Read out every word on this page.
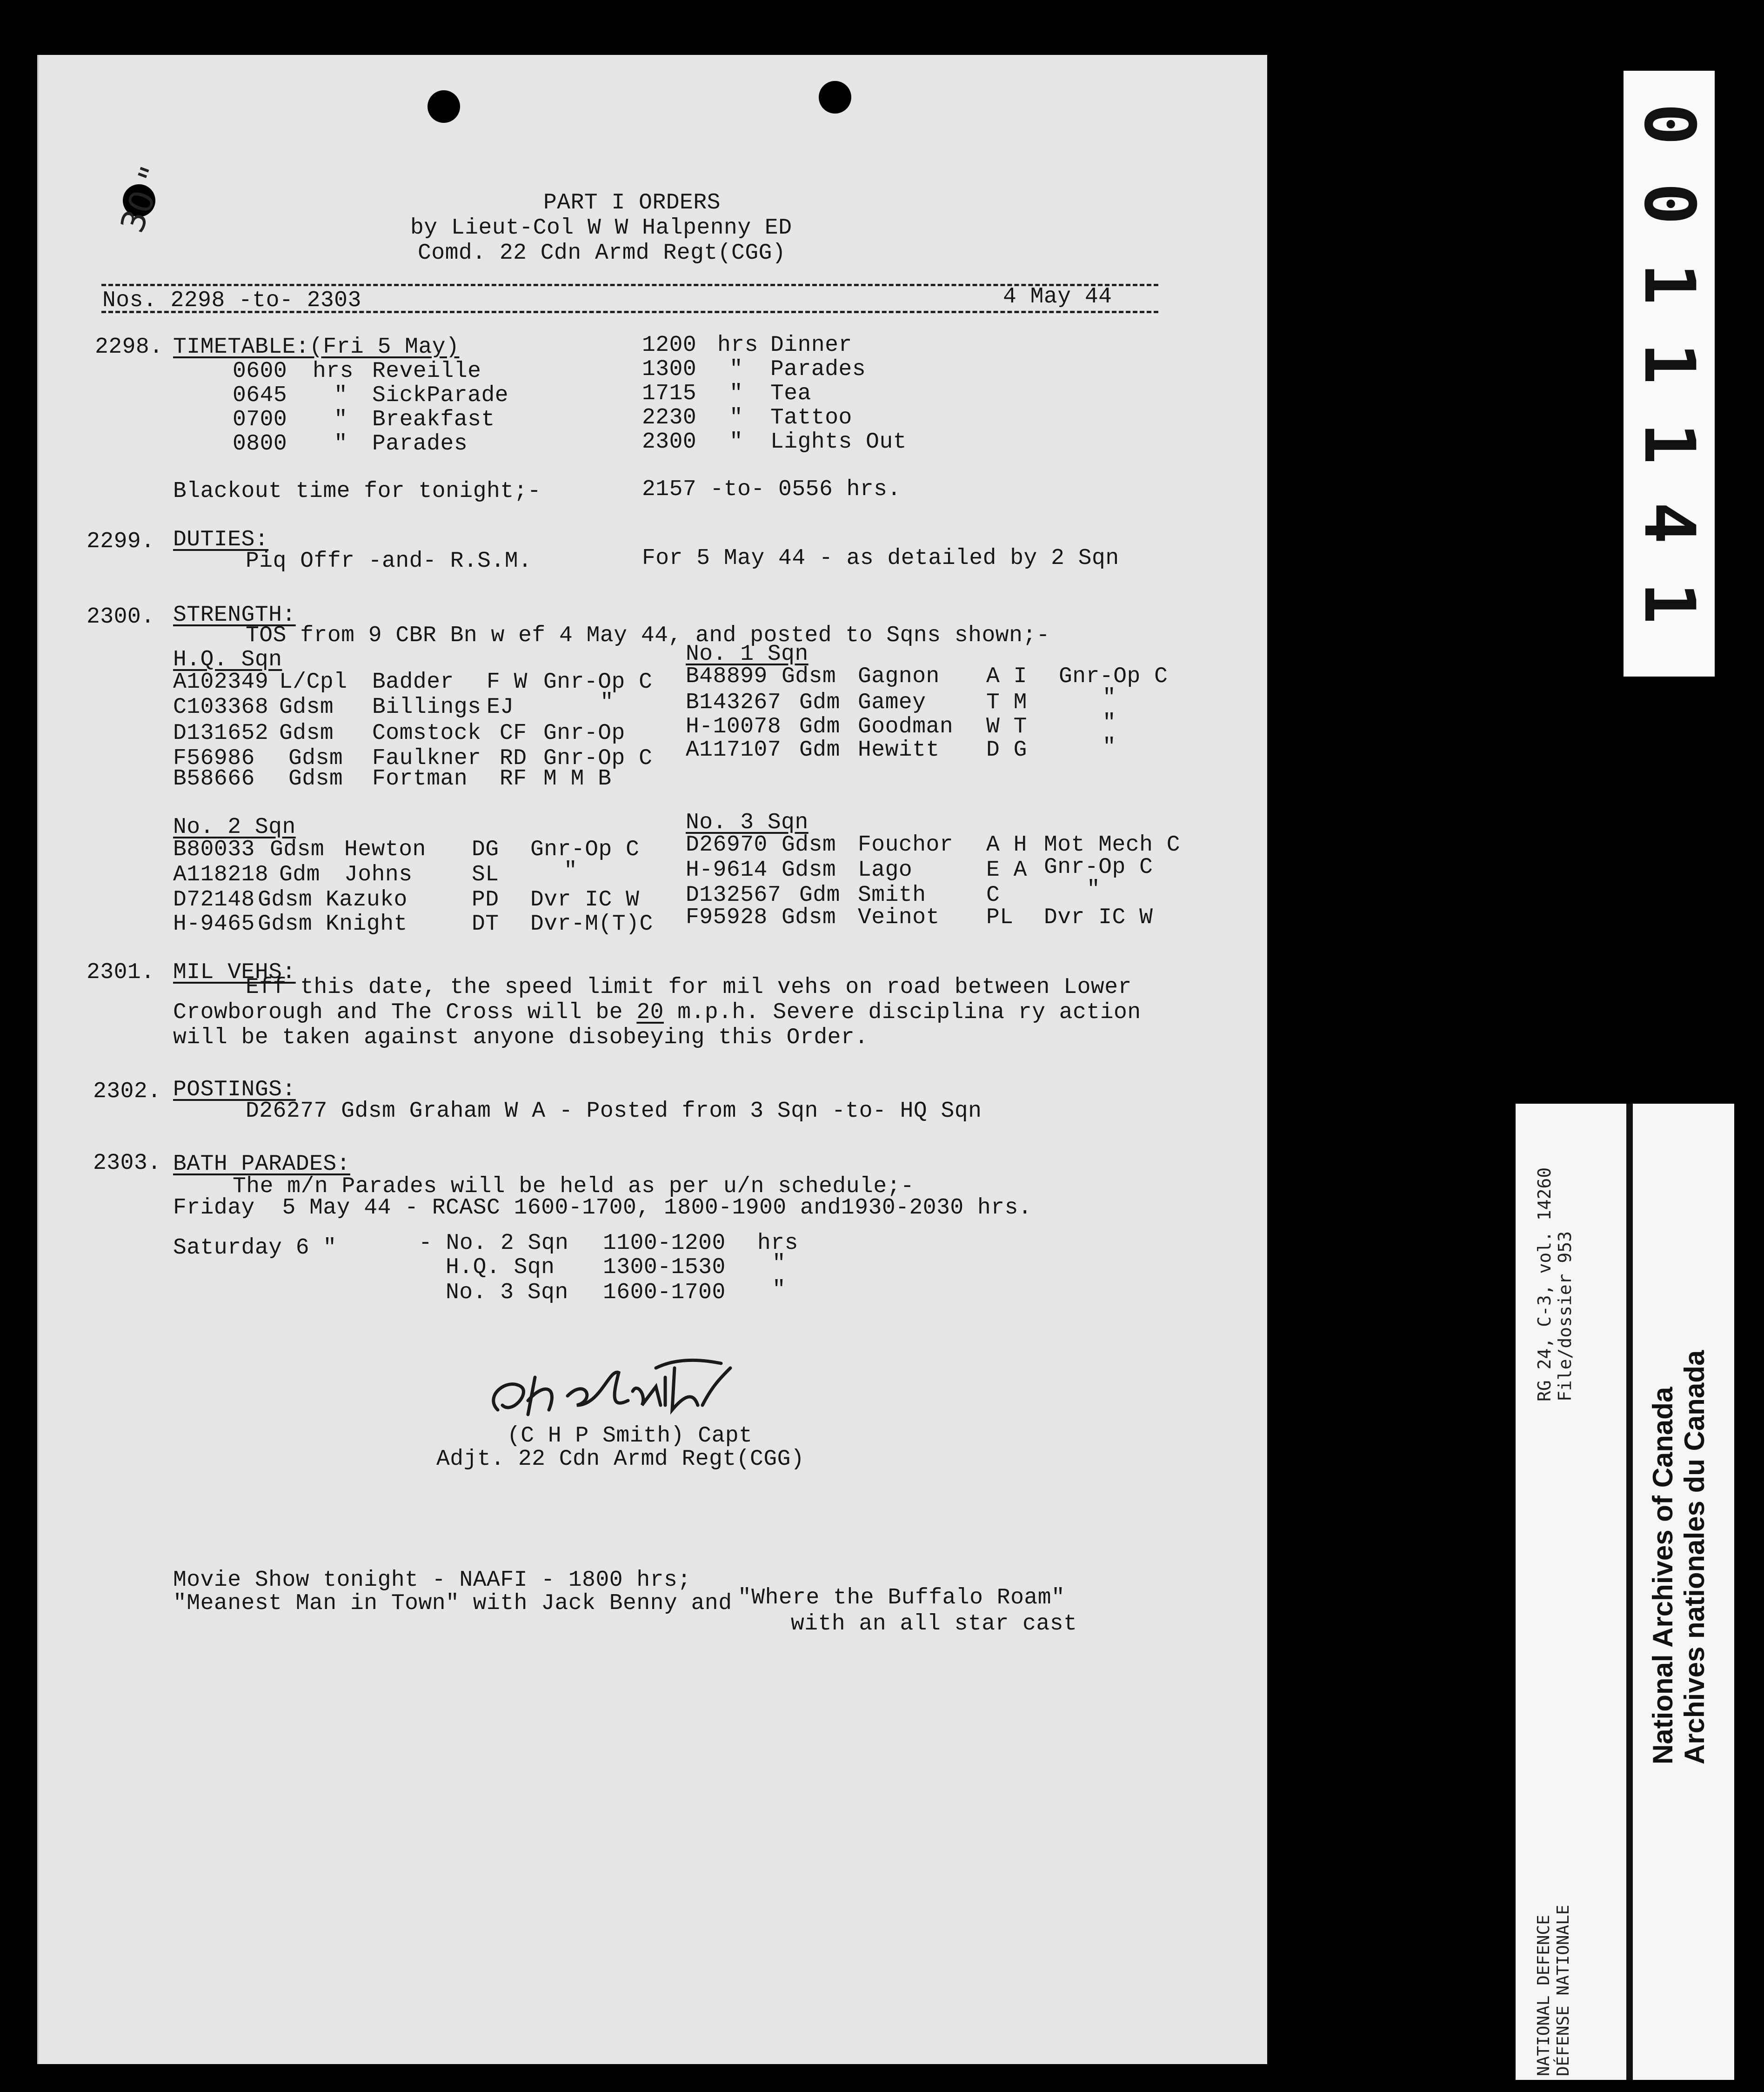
30 "	PART I ORDERS
by Lieut-Col W W Halpenny ED
Comd. 22 Cdn Armd Regt(CGG)
Nos. 2298 -to- 2303	4 May 44
2298. TIMETABLE:(Fri 5 May)
0600 hrs Reveille
0645 " SickParade
0700 " Breakfast
0800 " Parades
1200 hrs Dinner
1300 " Parades
1715 " Tea
2230 " Tattoo
2300 " Lights Out
Blackout time for tonight;-	2157 -to- 0556 hrs.
2299. DUTIES:
Piq Offr -and- R.S.M.	For 5 May 44 - as detailed by 2 Sqn
2300. STRENGTH:
TOS from 9 CBR Bn w ef 4 May 44, and posted to Sqns shown;-
H.Q. Sqn
A102349 L/Cpl Badder F W Gnr-Op C
C103368 Gdsm Billings EJ	"
D131652 Gdsm Comstock CF Gnr-Op
F56986 Gdsm Faulkner RD Gnr-Op C
B58666 Gdsm Fortman RF M M B
No. 1 Sqn
B48899 Gdsm Gagnon A I Gnr-Op C
B143267 Gdm Gamey	T M	"
H-10078 Gdm Goodman W T	"
A117107 Gdm Hewitt D G	"
No. 2 Sqn
B80033 Gdsm Hewton DG Gnr-Op C
A118218 Gdm Johns	SL	"
D72148 Gdsm Kazuko	PD Dvr IC W
H-9465 Gdsm Knight	DT Dvr-M(T)C
No. 3 Sqn
D26970 Gdsm Fouchor A H Mot Mech C
H-9614 Gdsm Lago	E A Gnr-Op C
D132567 Gdm Smith	C	"
F95928 Gdsm Veinot PL Dvr IC W
2301. MIL VEHS:
Eff this date, the speed limit for mil vehs on road between Lower
Crowborough and The Cross will be 20 m.p.h. Severe disciplina ry action
will be taken against anyone disobeying this Order.
2302. POSTINGS:
D26277 Gdsm Graham W A - Posted from 3 Sqn -to- HQ Sqn
2303. BATH PARADES:
The m/n Parades will be held as per u/n schedule;-
Friday  5 May 44 - RCASC 1600-1700, 1800-1900 and1930-2030 hrs.
Saturday 6 "	- No. 2 Sqn 1100-1200 hrs
H.Q. Sqn 1300-1530 "
No. 3 Sqn 1600-1700 "
(C H P Smith) Capt
Adjt. 22 Cdn Armd Regt(CGG)
Movie Show tonight - NAAFI - 1800 hrs;
"Meanest Man in Town" with Jack Benny and "Where the Buffalo Roam"
with an all star cast
0
0
1
1
1
4
1
RG 24, C-3, vol. 14260 File/dossier 953
NATIONAL DEFENCE DÉFENSE NATIONALE
National Archives of Canada Archives nationales du Canada
